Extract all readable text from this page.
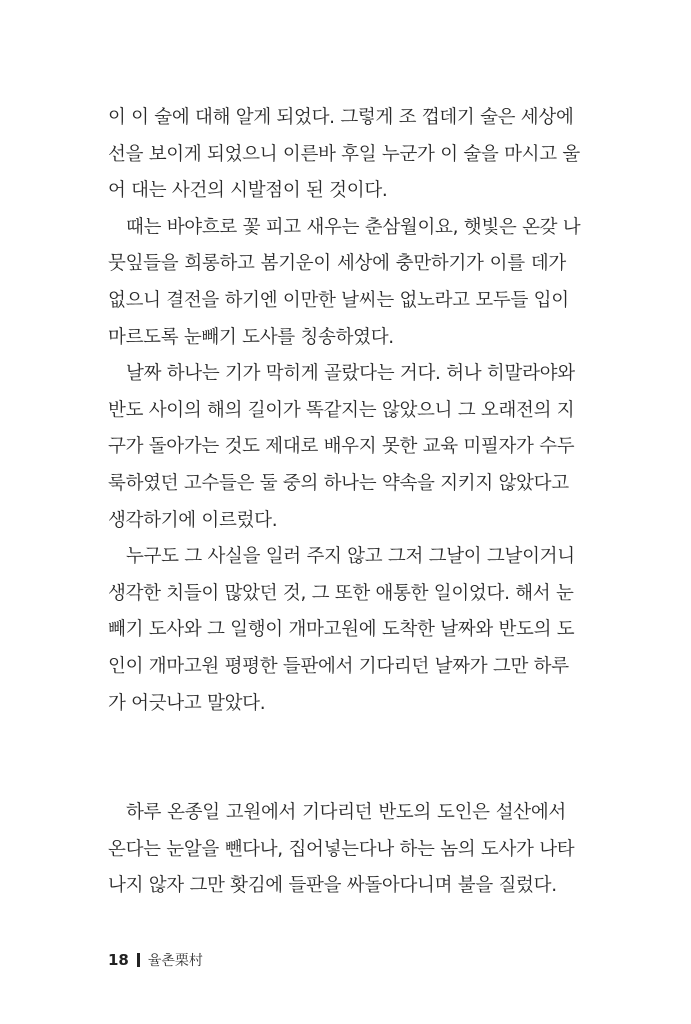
이 이 술에 대해 알게 되었다. 그렇게 조 껍데기 술은 세상에
선을 보이게 되었으니 이른바 후일 누군가 이 술을 마시고 울
어 대는 사건의 시발점이 된 것이다.
때는 바야흐로 꽃 피고 새우는 춘삼월이요, 햇빛은 온갖 나
뭇잎들을 희롱하고 봄기운이 세상에 충만하기가 이를 데가
없으니 결전을 하기엔 이만한 날씨는 없노라고 모두들 입이
마르도록 눈빼기 도사를 칭송하였다.
날짜 하나는 기가 막히게 골랐다는 거다. 허나 히말라야와
반도 사이의 해의 길이가 똑같지는 않았으니 그 오래전의 지
구가 돌아가는 것도 제대로 배우지 못한 교육 미필자가 수두
룩하였던 고수들은 둘 중의 하나는 약속을 지키지 않았다고
생각하기에 이르렀다.
누구도 그 사실을 일러 주지 않고 그저 그날이 그날이거니
생각한 치들이 많았던 것, 그 또한 애통한 일이었다. 해서 눈
빼기 도사와 그 일행이 개마고원에 도착한 날짜와 반도의 도
인이 개마고원 평평한 들판에서 기다리던 날짜가 그만 하루
가 어긋나고 말았다.
하루 온종일 고원에서 기다리던 반도의 도인은 설산에서
온다는 눈알을 뺀다나, 집어넣는다나 하는 놈의 도사가 나타
나지 않자 그만 홧김에 들판을 싸돌아다니며 불을 질렀다.
18 율촌栗村
